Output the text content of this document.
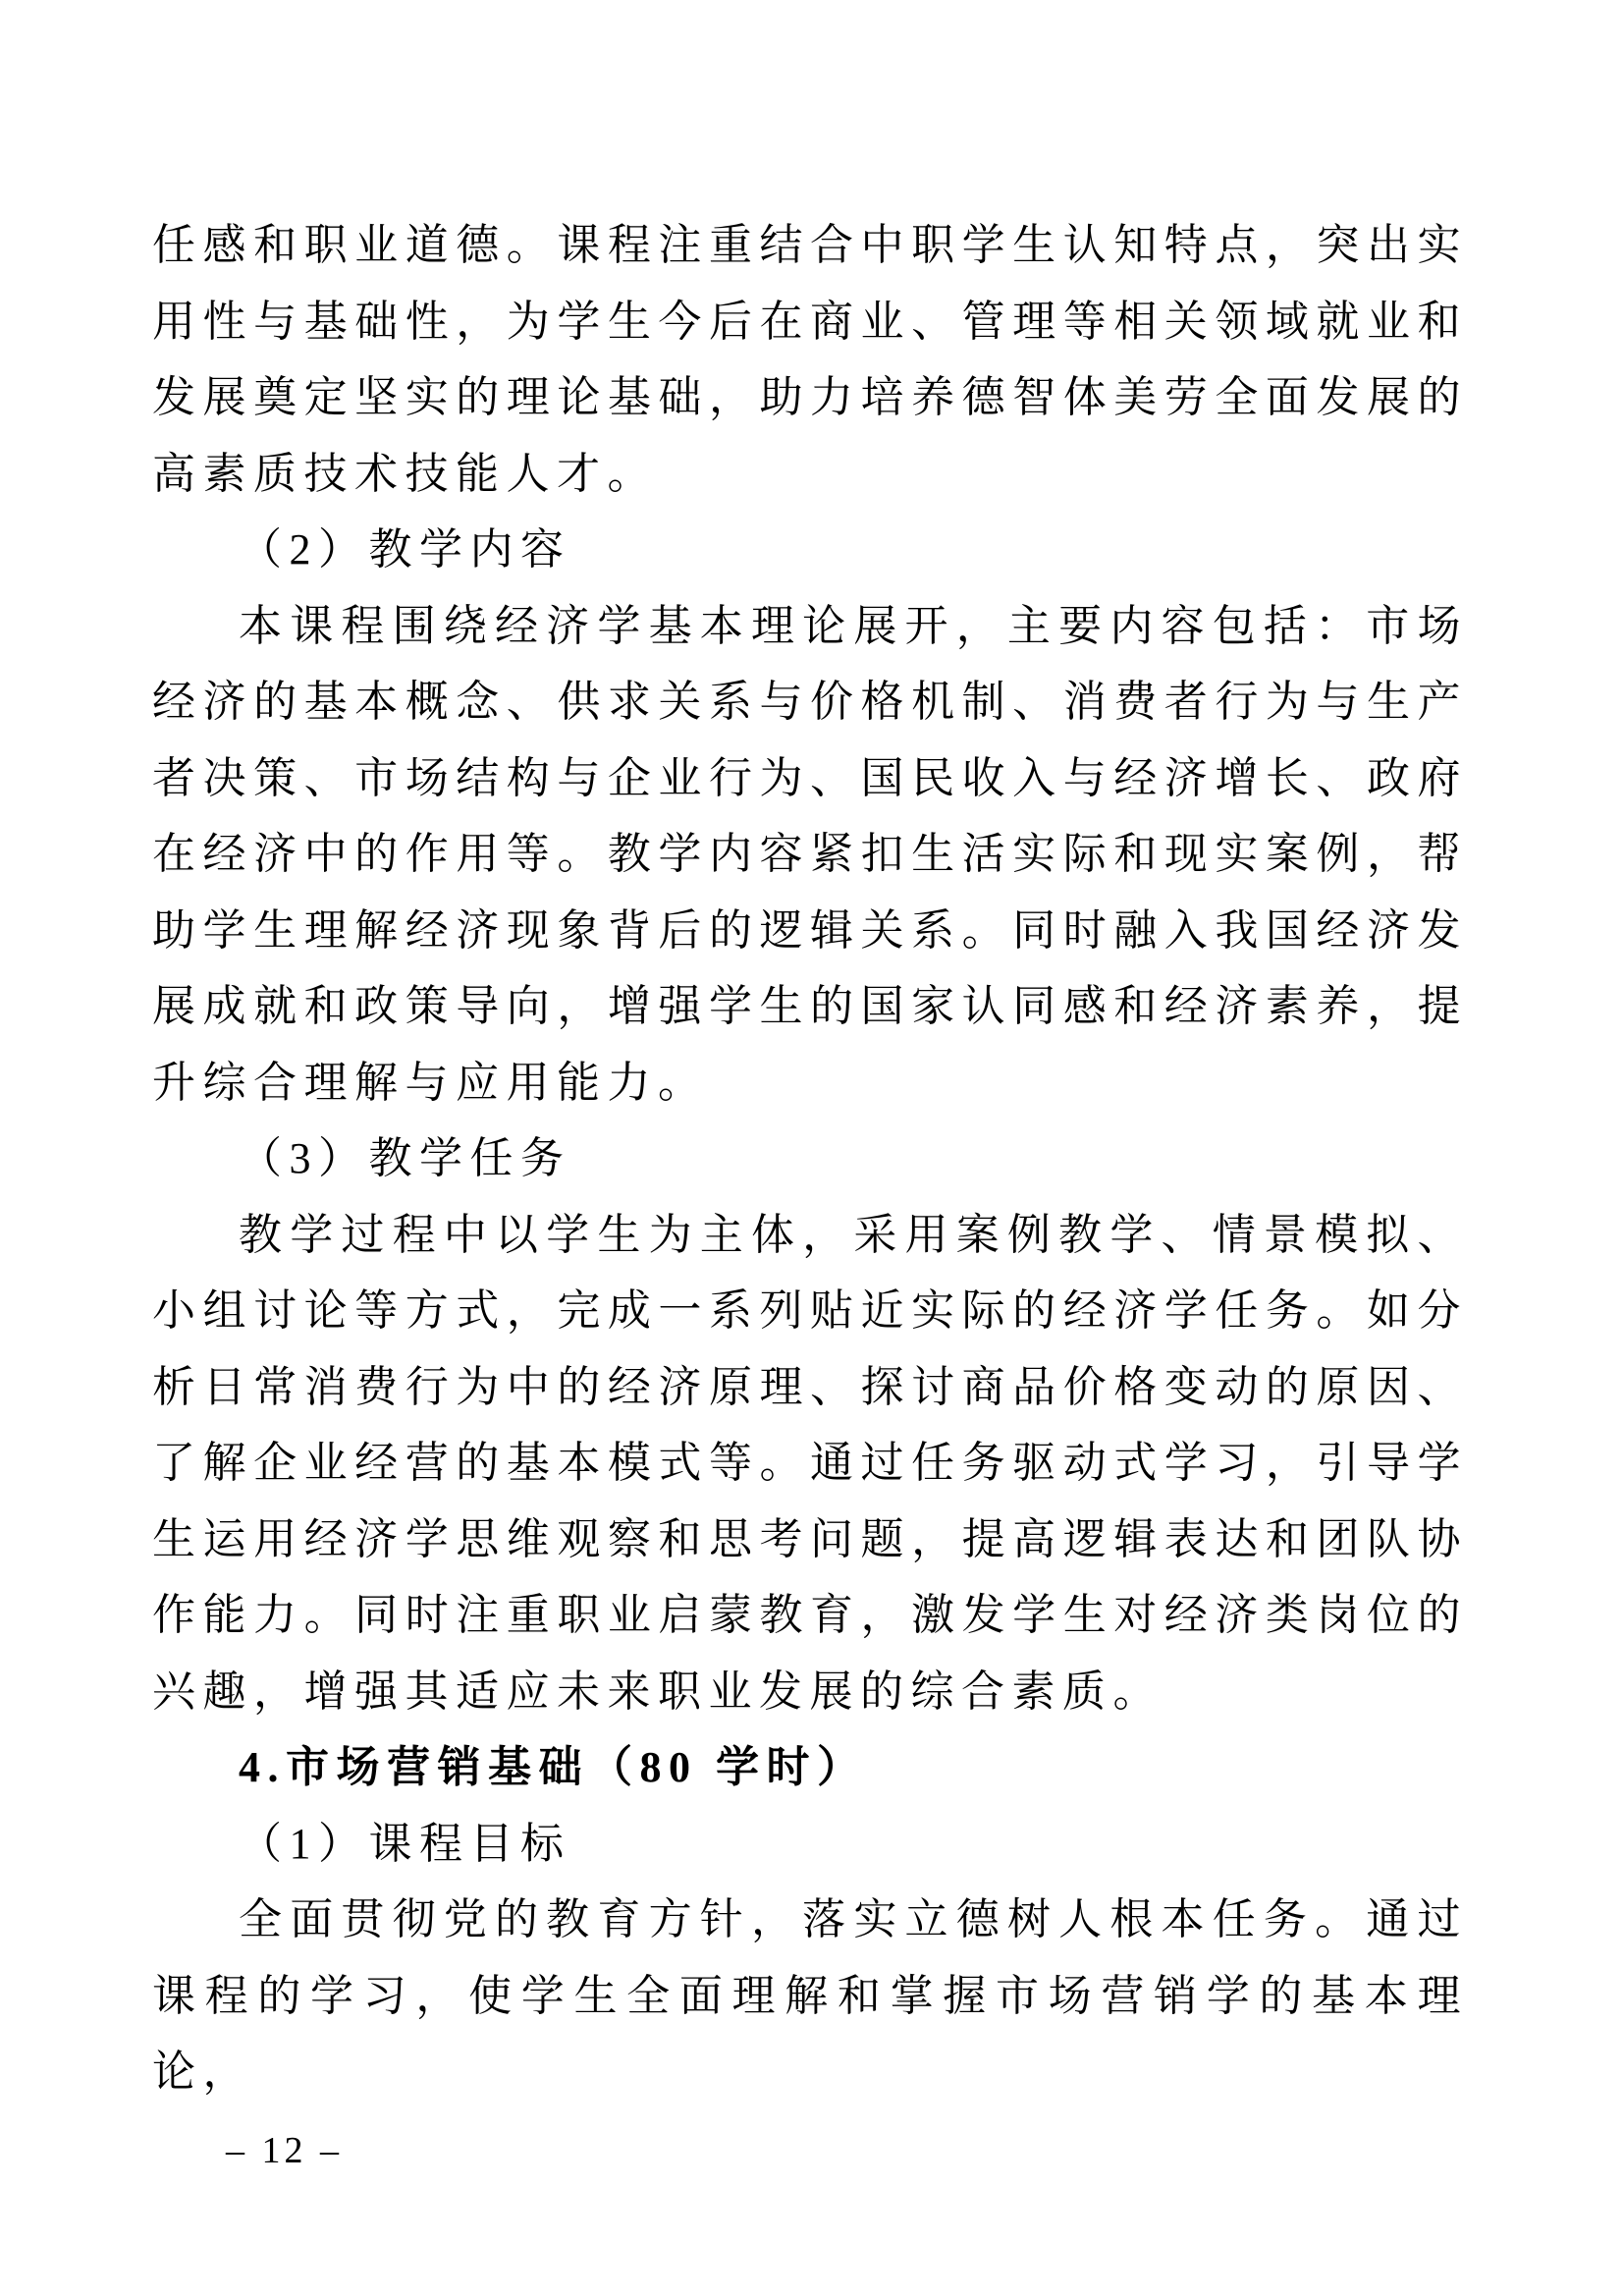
任感和职业道德。课程注重结合中职学生认知特点，突出实用性与基础性，为学生今后在商业、管理等相关领域就业和发展奠定坚实的理论基础，助力培养德智体美劳全面发展的高素质技术技能人才。

（2）教学内容

本课程围绕经济学基本理论展开，主要内容包括：市场经济的基本概念、供求关系与价格机制、消费者行为与生产者决策、市场结构与企业行为、国民收入与经济增长、政府在经济中的作用等。教学内容紧扣生活实际和现实案例，帮助学生理解经济现象背后的逻辑关系。同时融入我国经济发展成就和政策导向，增强学生的国家认同感和经济素养，提升综合理解与应用能力。

（3）教学任务

教学过程中以学生为主体，采用案例教学、情景模拟、小组讨论等方式，完成一系列贴近实际的经济学任务。如分析日常消费行为中的经济原理、探讨商品价格变动的原因、了解企业经营的基本模式等。通过任务驱动式学习，引导学生运用经济学思维观察和思考问题，提高逻辑表达和团队协作能力。同时注重职业启蒙教育，激发学生对经济类岗位的兴趣，增强其适应未来职业发展的综合素质。

4.市场营销基础（80 学时）

（1）课程目标

全面贯彻党的教育方针，落实立德树人根本任务。通过课程的学习，使学生全面理解和掌握市场营销学的基本理论，

– 12 –
